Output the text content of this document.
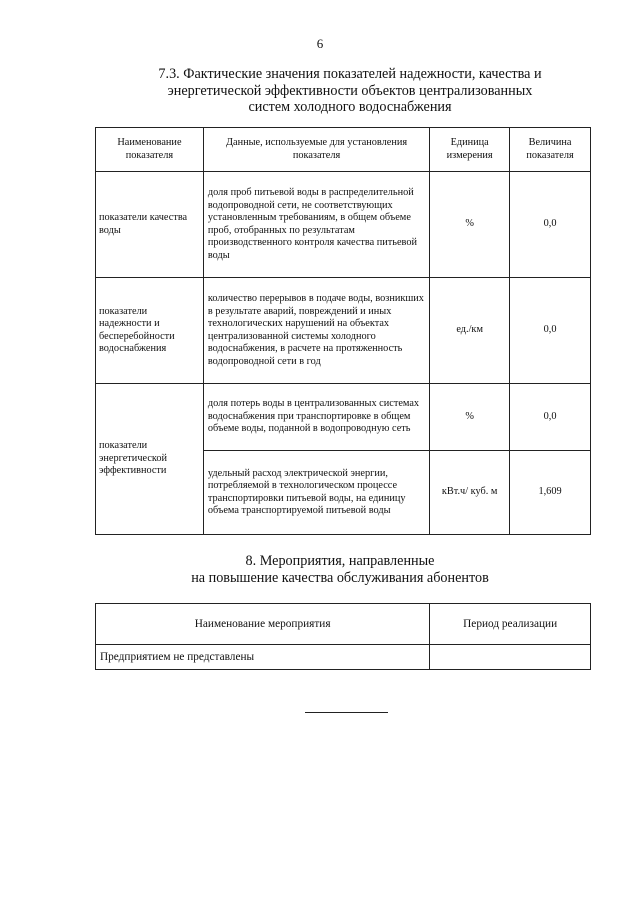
6
7.3. Фактические значения показателей надежности, качества и
энергетической эффективности объектов централизованных
систем холодного водоснабжения
Наименование показателя	Данные, используемые для установления показателя	Единица измерения	Величина показателя
показатели качества воды	доля проб питьевой воды в распределительной водопроводной сети, не соответствующих установленным требованиям, в общем объеме проб, отобранных по результатам производственного контроля качества питьевой воды	%	0,0
показатели надежности и бесперебойности водоснабжения	количество перерывов в подаче воды, возникших в результате аварий, повреждений и иных технологических нарушений на объектах централизованной системы холодного водоснабжения, в расчете на протяженность водопроводной сети в год	ед./км	0,0
показатели энергетической эффективности	доля потерь воды в централизованных системах водоснабжения при транспортировке в общем объеме воды, поданной в водопроводную сеть	%	0,0
	удельный расход электрической энергии, потребляемой в технологическом процессе транспортировки питьевой воды, на единицу объема транспортируемой питьевой воды	кВт.ч/ куб. м	1,609
8. Мероприятия, направленные
на повышение качества обслуживания абонентов
Наименование мероприятия	Период реализации
Предприятием не представлены	
